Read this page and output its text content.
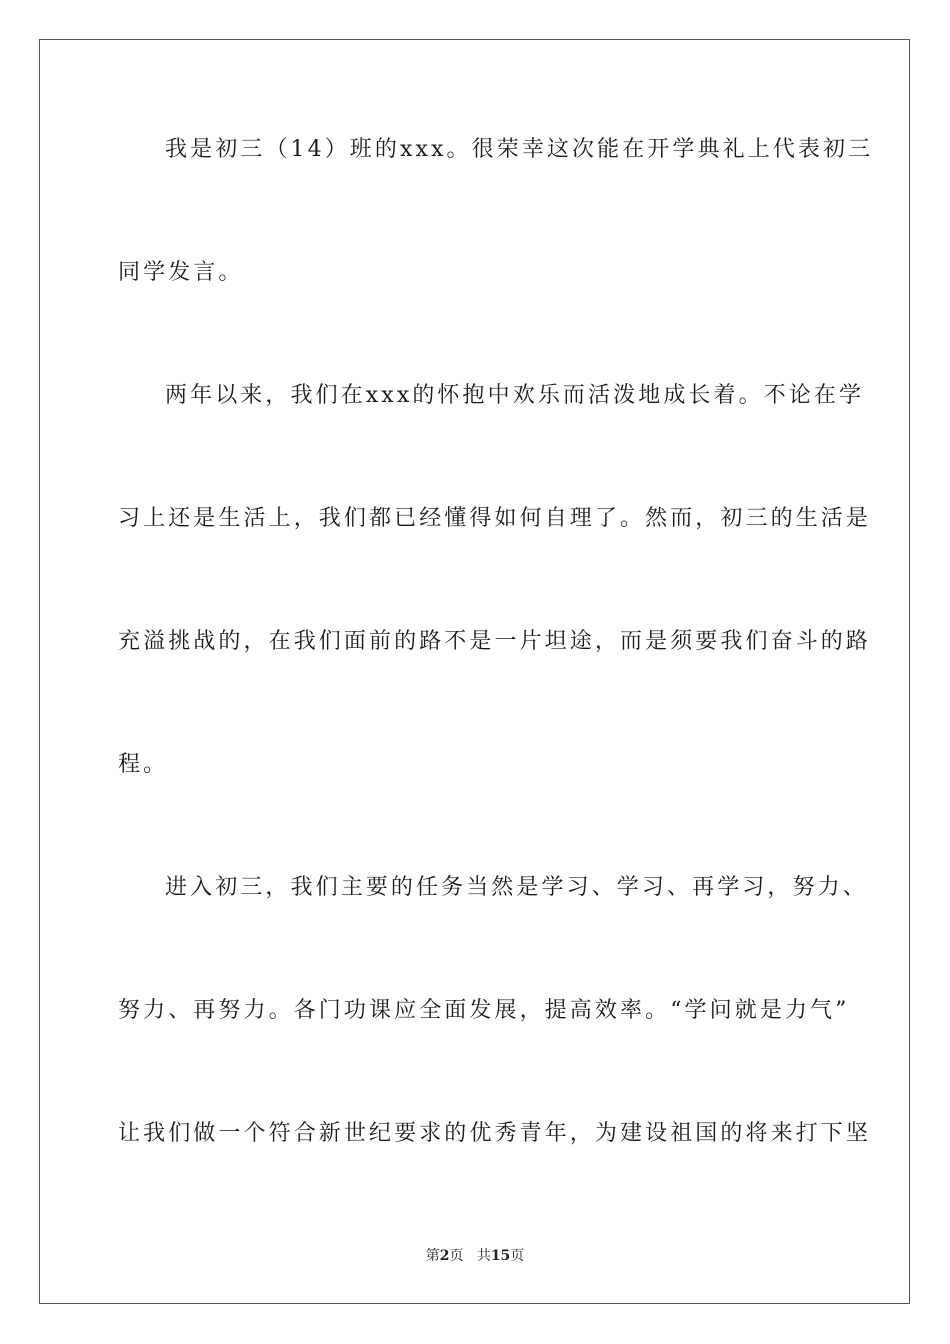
我是初三（14）班的xxx。很荣幸这次能在开学典礼上代表初三
同学发言。
两年以来，我们在xxx的怀抱中欢乐而活泼地成长着。不论在学
习上还是生活上，我们都已经懂得如何自理了。然而，初三的生活是
充溢挑战的，在我们面前的路不是一片坦途，而是须要我们奋斗的路
程。
进入初三，我们主要的任务当然是学习、学习、再学习，努力、
努力、再努力。各门功课应全面发展，提高效率。“学问就是力气”
让我们做一个符合新世纪要求的优秀青年，为建设祖国的将来打下坚
第2页 共15页
